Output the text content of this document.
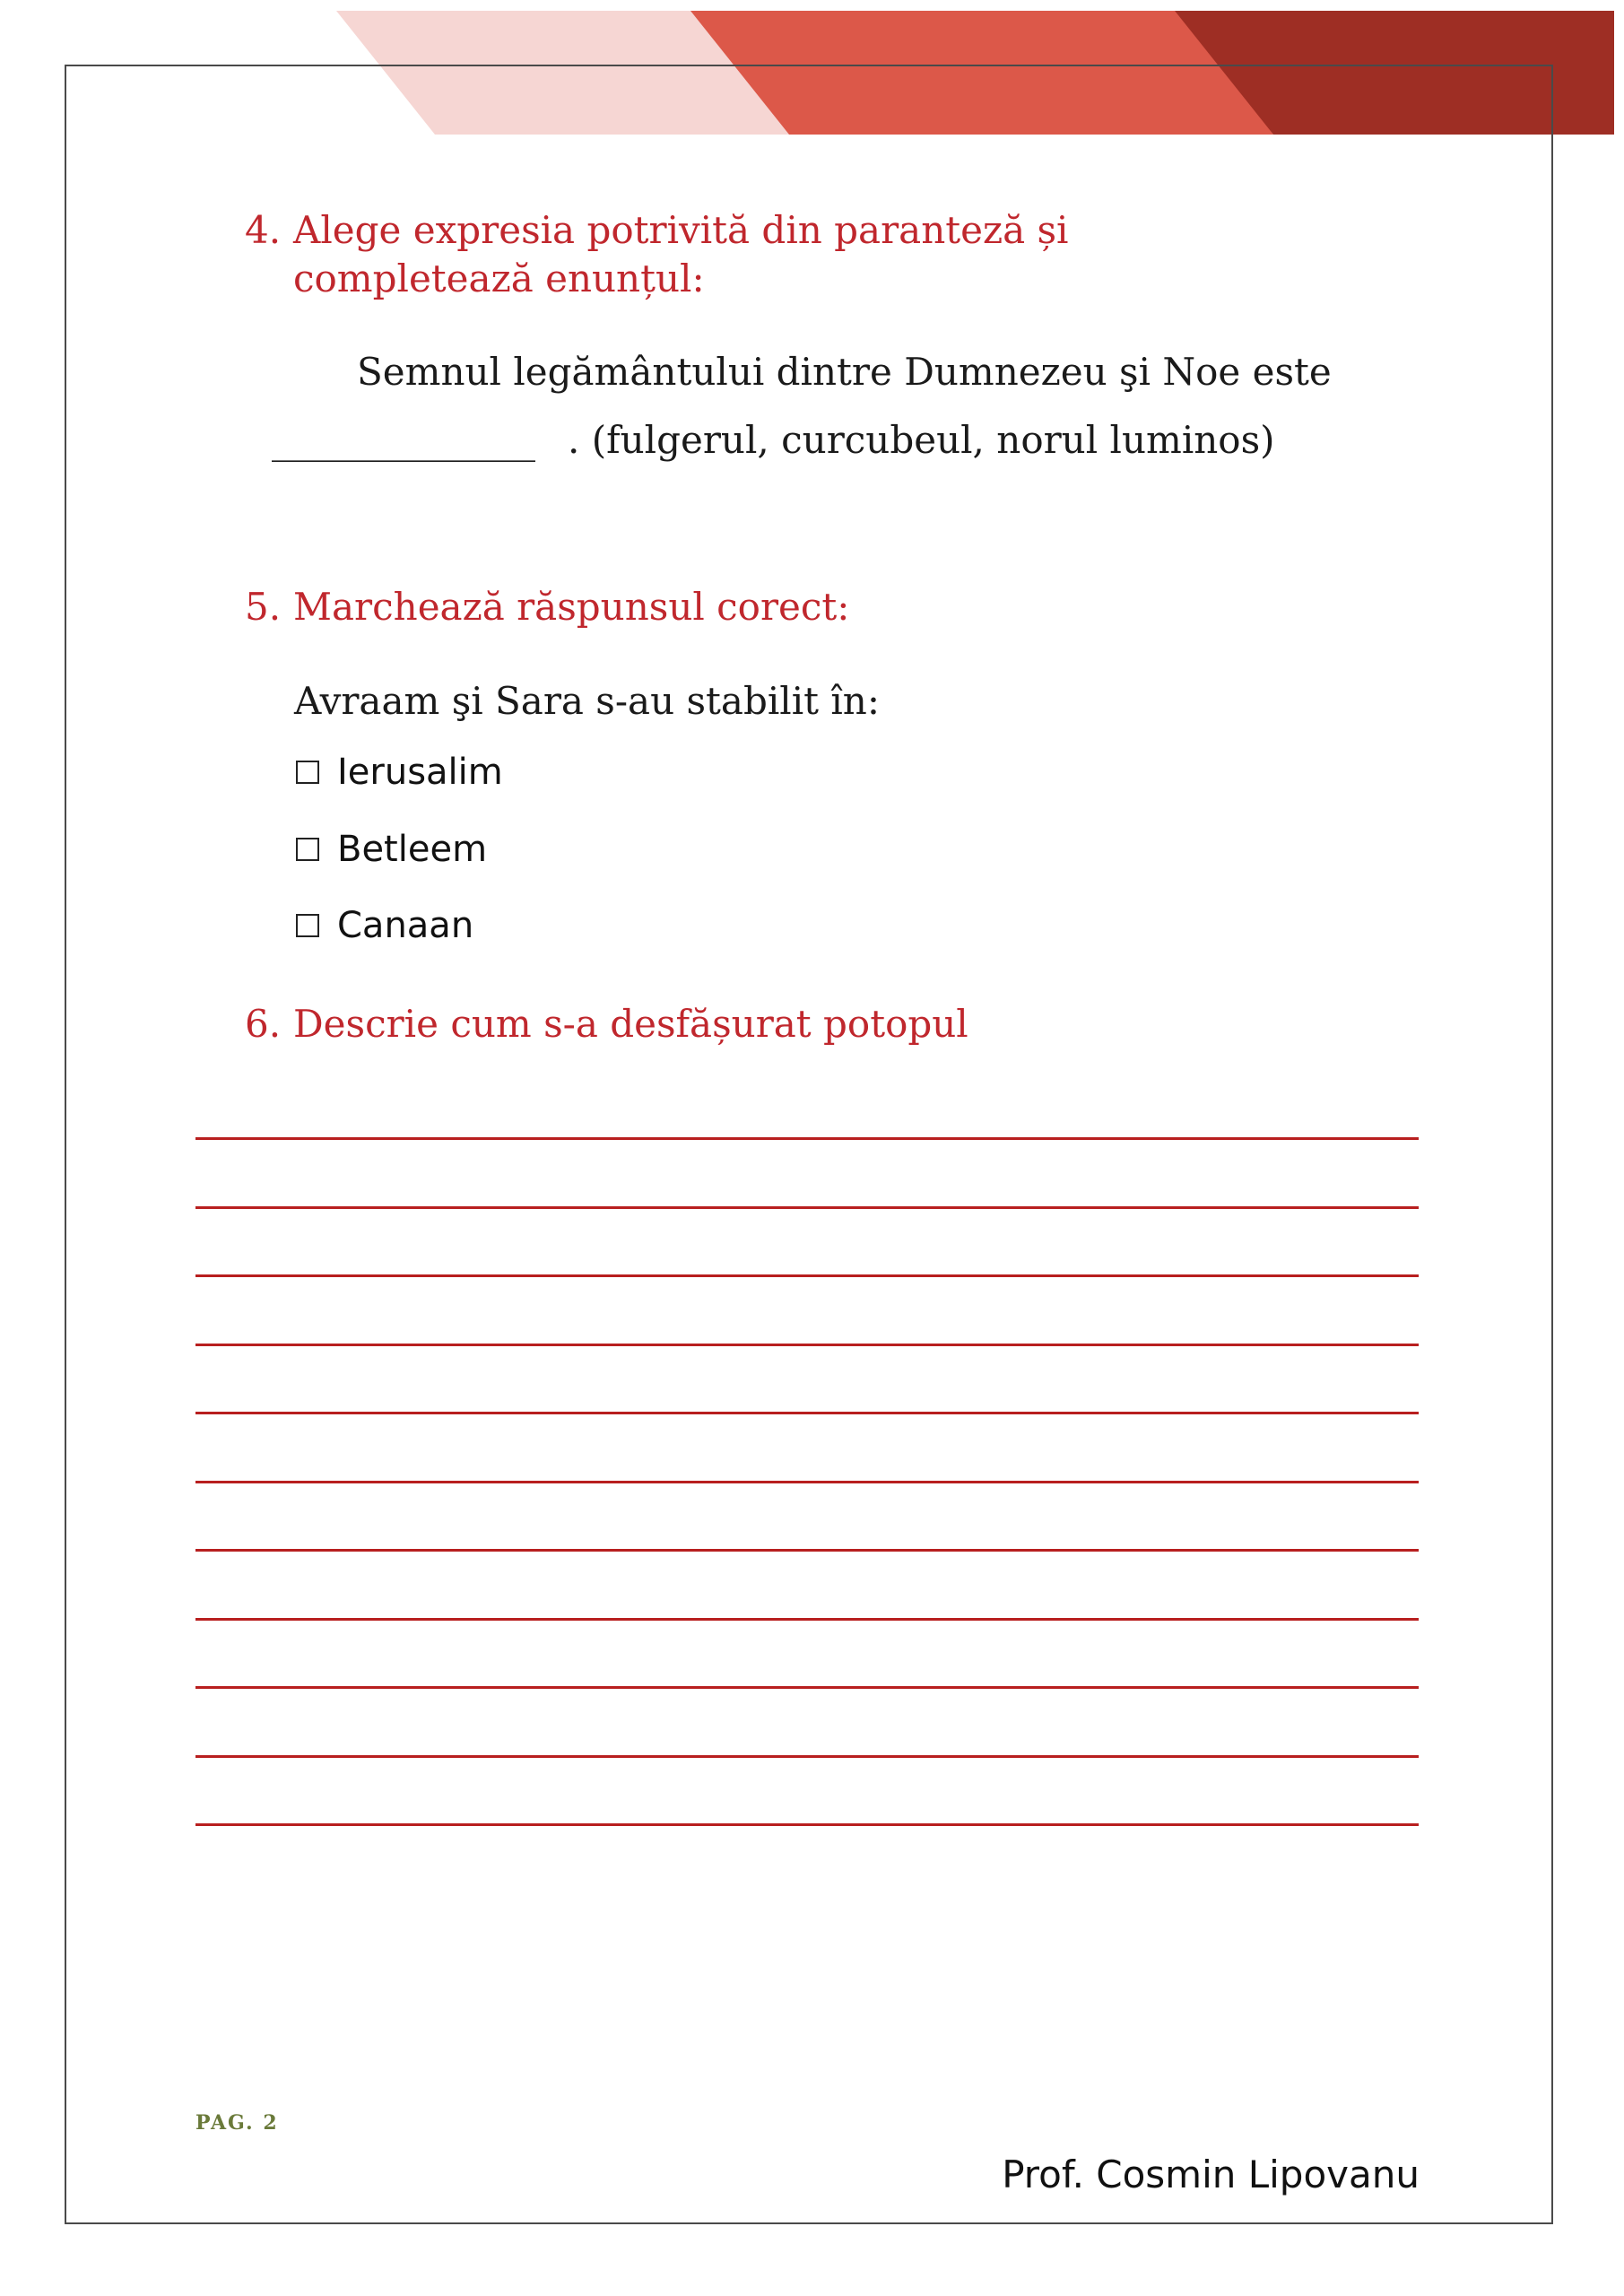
4. Alege expresia potrivită din paranteză și completează enunțul:
Semnul legământului dintre Dumnezeu şi Noe este
______________ . (fulgerul, curcubeul, norul luminos)
5. Marchează răspunsul corect:
Avraam şi Sara s-au stabilit în:
Ierusalim
Betleem
Canaan
6. Descrie cum s-a desfășurat potopul
PAG. 2
Prof. Cosmin Lipovanu
